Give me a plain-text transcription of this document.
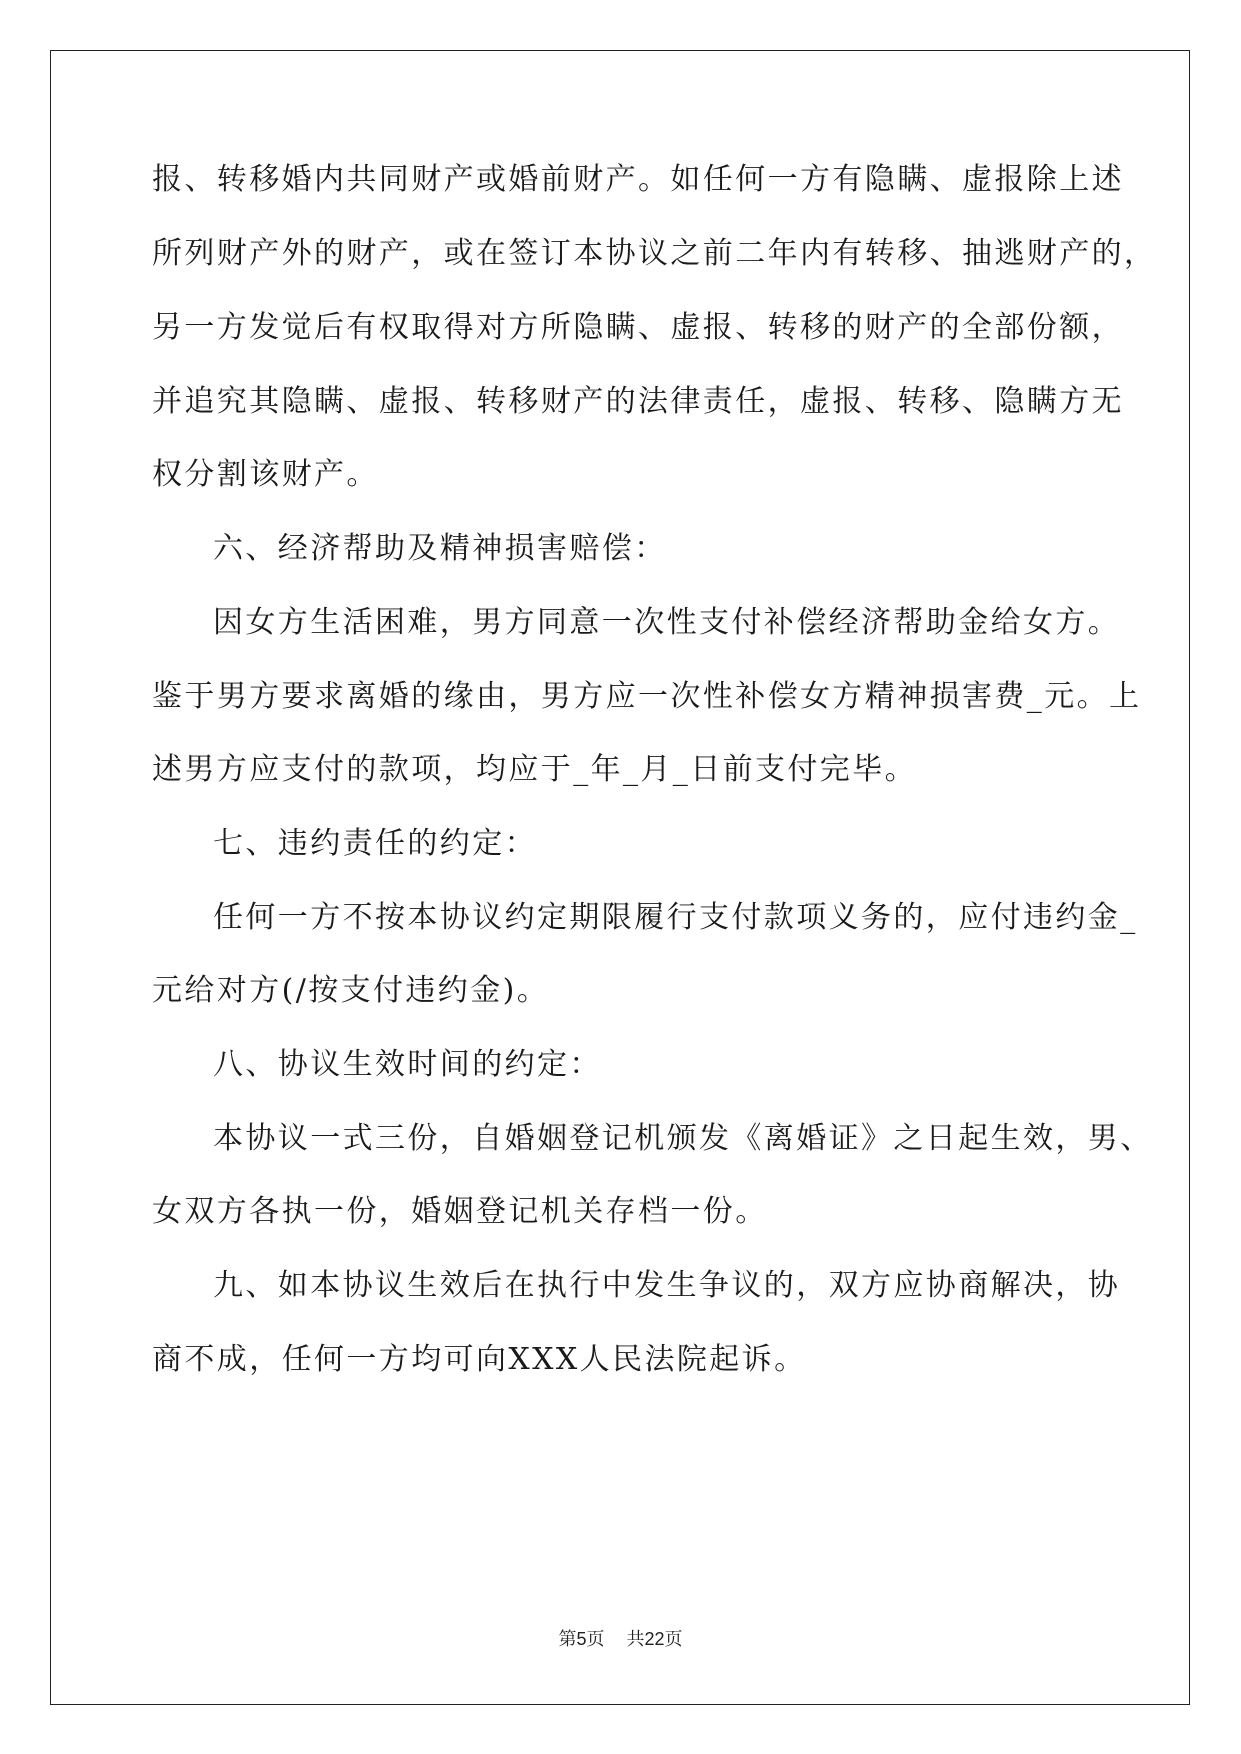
报、转移婚内共同财产或婚前财产。如任何一方有隐瞒、虚报除上述
所列财产外的财产，或在签订本协议之前二年内有转移、抽逃财产的，
另一方发觉后有权取得对方所隐瞒、虚报、转移的财产的全部份额，
并追究其隐瞒、虚报、转移财产的法律责任，虚报、转移、隐瞒方无
权分割该财产。
六、经济帮助及精神损害赔偿：
因女方生活困难，男方同意一次性支付补偿经济帮助金给女方。
鉴于男方要求离婚的缘由，男方应一次性补偿女方精神损害费_元。上
述男方应支付的款项，均应于_年_月_日前支付完毕。
七、违约责任的约定：
任何一方不按本协议约定期限履行支付款项义务的，应付违约金_
元给对方(/按支付违约金)。
八、协议生效时间的约定：
本协议一式三份，自婚姻登记机颁发《离婚证》之日起生效，男、
女双方各执一份，婚姻登记机关存档一份。
九、如本协议生效后在执行中发生争议的，双方应协商解决，协
商不成，任何一方均可向XXX人民法院起诉。
第5页 共22页
